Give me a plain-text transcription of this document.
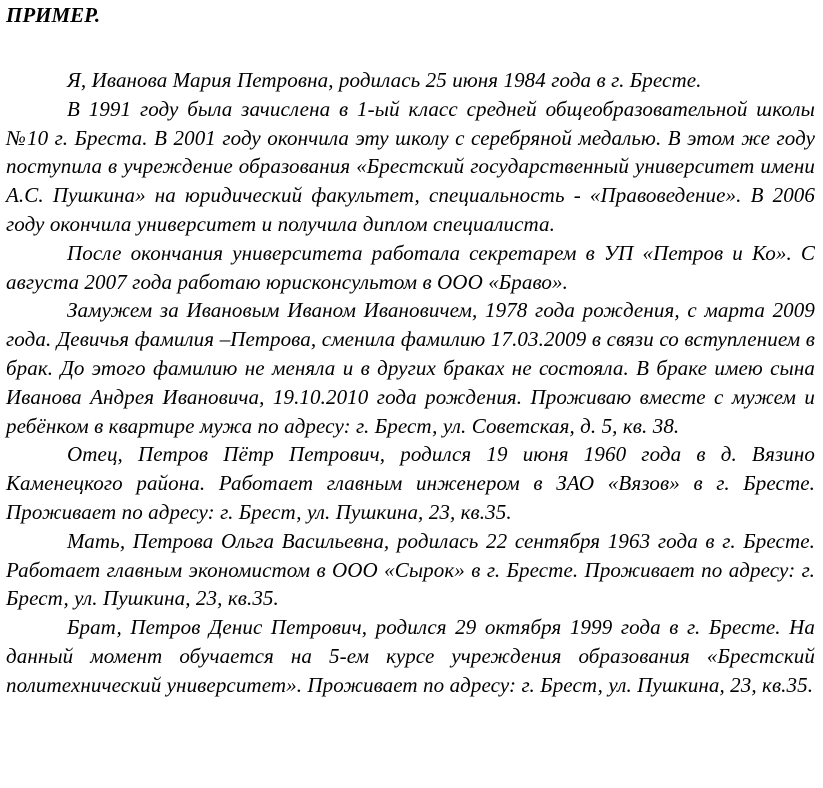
ПРИМЕР.

Я, Иванова Мария Петровна, родилась 25 июня 1984 года в г. Бресте.

В 1991 году была зачислена в 1-ый класс средней общеобразовательной школы №10 г. Бреста. В 2001 году окончила эту школу с серебряной медалью. В этом же году поступила в учреждение образования «Брестский государственный университет имени А.С. Пушкина» на юридический факультет, специальность - «Правоведение». В 2006 году окончила университет и получила диплом специалиста.

После окончания университета работала секретарем в УП «Петров и Ко». С августа 2007 года работаю юрисконсультом в ООО «Браво».

Замужем за Ивановым Иваном Ивановичем, 1978 года рождения, с марта 2009 года. Девичья фамилия –Петрова, сменила фамилию 17.03.2009 в связи со вступлением в брак. До этого фамилию не меняла и в других браках не состояла. В браке имею сына Иванова Андрея Ивановича, 19.10.2010 года рождения. Проживаю вместе с мужем и ребёнком в квартире мужа по адресу: г. Брест, ул. Советская, д. 5, кв. 38.

Отец, Петров Пётр Петрович, родился 19 июня 1960 года в д. Вязино Каменецкого района. Работает главным инженером в ЗАО «Вязов» в г. Бресте. Проживает по адресу: г. Брест, ул. Пушкина, 23, кв.35.

Мать, Петрова Ольга Васильевна, родилась 22 сентября 1963 года в г. Бресте. Работает главным экономистом в ООО «Сырок» в г. Бресте. Проживает по адресу: г. Брест, ул. Пушкина, 23, кв.35.

Брат, Петров Денис Петрович, родился 29 октября 1999 года в г. Бресте. На данный момент обучается на 5-ем курсе учреждения образования «Брестский политехнический университет». Проживает по адресу: г. Брест, ул. Пушкина, 23, кв.35.
